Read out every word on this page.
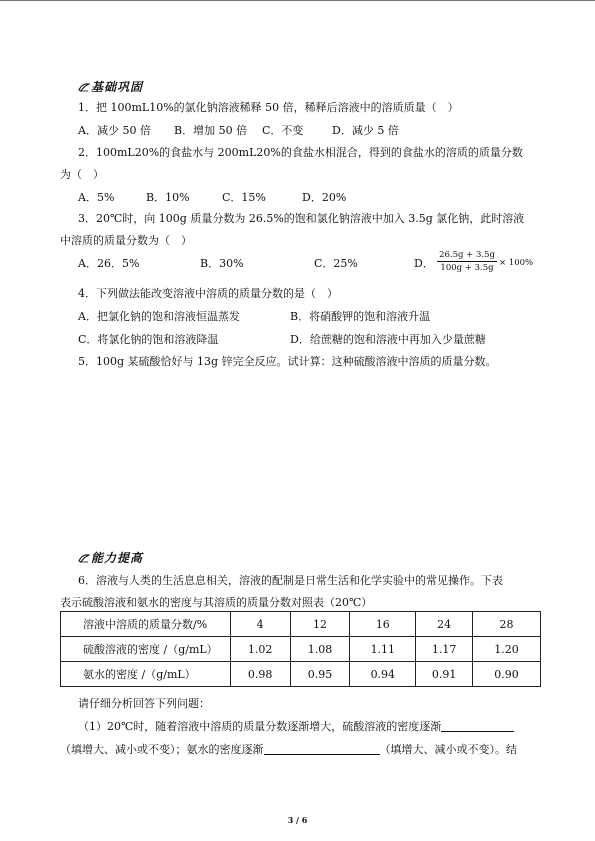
基础巩固
1．把 100mL10%的氯化钠溶液稀释 50 倍，稀释后溶液中的溶质质量（　）
A．减少 50 倍 B．增加 50 倍 C．不变	D．减少 5 倍
2．100mL20%的食盐水与 200mL20%的食盐水相混合，得到的食盐水的溶质的质量分数
为（　）
A．5%	B．10%	C．15%	D．20%
3．20℃时，向 100g 质量分数为 26.5%的饱和氯化钠溶液中加入 3.5g 氯化钠，此时溶液
中溶质的质量分数为（　）
A．26．5%	B．30%	C．25%	D．
26.5g + 3.5g
100g + 3.5g × 100%
4．下列做法能改变溶液中溶质的质量分数的是（　）
A．把氯化钠的饱和溶液恒温蒸发	B．将硝酸钾的饱和溶液升温
C．将氯化钠的饱和溶液降温	D．给蔗糖的饱和溶液中再加入少量蔗糖
5．100g 某硫酸恰好与 13g 锌完全反应。试计算：这种硫酸溶液中溶质的质量分数。
能力提高
6．溶液与人类的生活息息相关，溶液的配制是日常生活和化学实验中的常见操作。下表
表示硫酸溶液和氨水的密度与其溶质的质量分数对照表（20℃）
溶液中溶质的质量分数/%	4	12	16	24	28
硫酸溶液的密度 /（g/mL）	1.02	1.08	1.11	1.17	1.20
氨水的密度 /（g/mL）	0.98	0.95	0.94	0.91	0.90
请仔细分析回答下列问题：
（1）20℃时，随着溶液中溶质的质量分数逐渐增大，硫酸溶液的密度逐渐
（填增大、减小或不变）；氨水的密度逐渐	（填增大、减小或不变）。结
3 / 6
